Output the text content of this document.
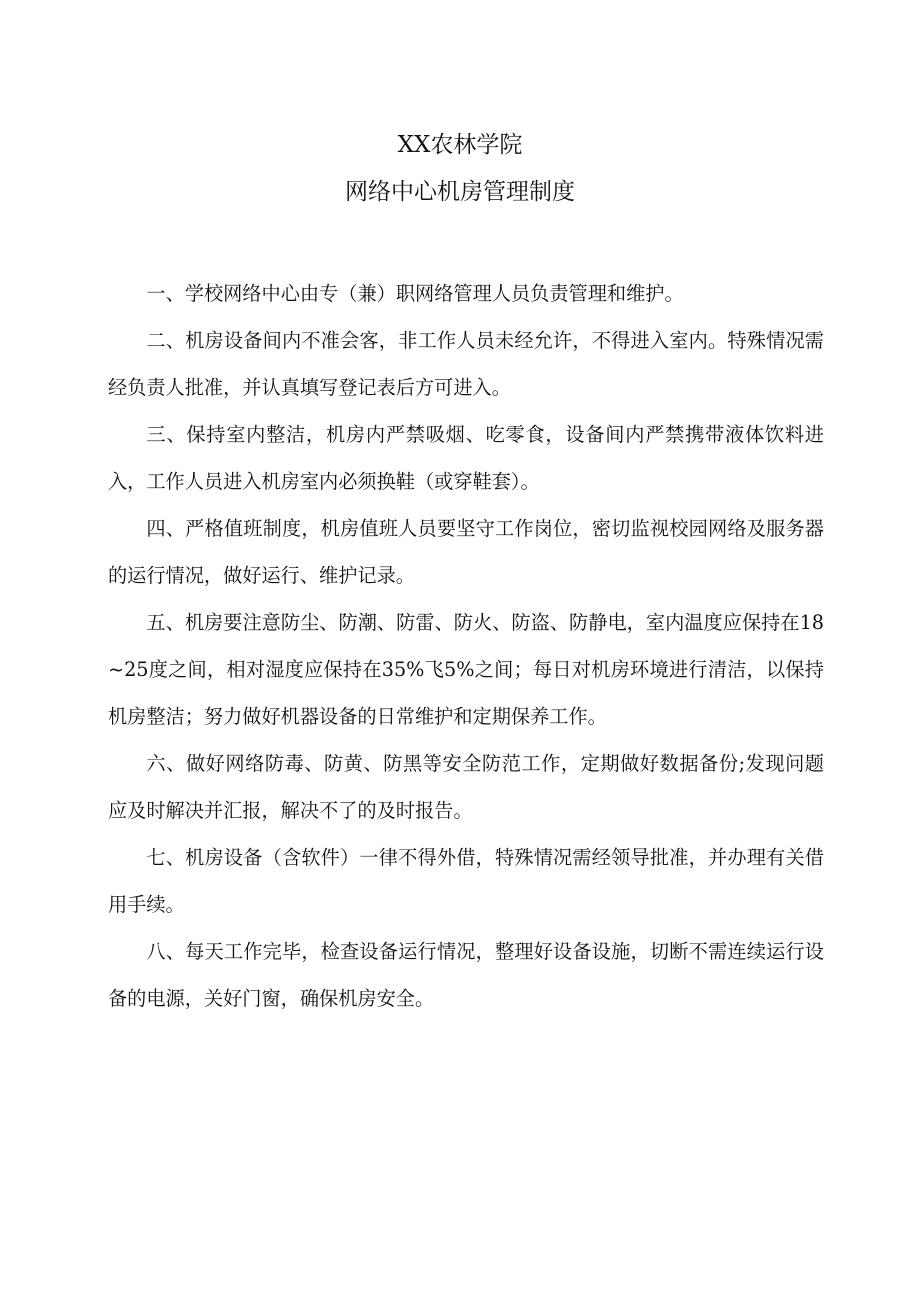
XX农林学院
网络中心机房管理制度

一、学校网络中心由专（兼）职网络管理人员负责管理和维护。

二、机房设备间内不准会客，非工作人员未经允许，不得进入室内。特殊情况需经负责人批准，并认真填写登记表后方可进入。

三、保持室内整洁，机房内严禁吸烟、吃零食，设备间内严禁携带液体饮料进入，工作人员进入机房室内必须换鞋（或穿鞋套）。

四、严格值班制度，机房值班人员要坚守工作岗位，密切监视校园网络及服务器的运行情况，做好运行、维护记录。

五、机房要注意防尘、防潮、防雷、防火、防盗、防静电，室内温度应保持在18~25度之间，相对湿度应保持在35%飞5%之间；每日对机房环境进行清洁，以保持机房整洁；努力做好机器设备的日常维护和定期保养工作。

六、做好网络防毒、防黄、防黑等安全防范工作，定期做好数据备份;发现问题应及时解决并汇报，解决不了的及时报告。

七、机房设备（含软件）一律不得外借，特殊情况需经领导批准，并办理有关借用手续。

八、每天工作完毕，检查设备运行情况，整理好设备设施，切断不需连续运行设备的电源，关好门窗，确保机房安全。
